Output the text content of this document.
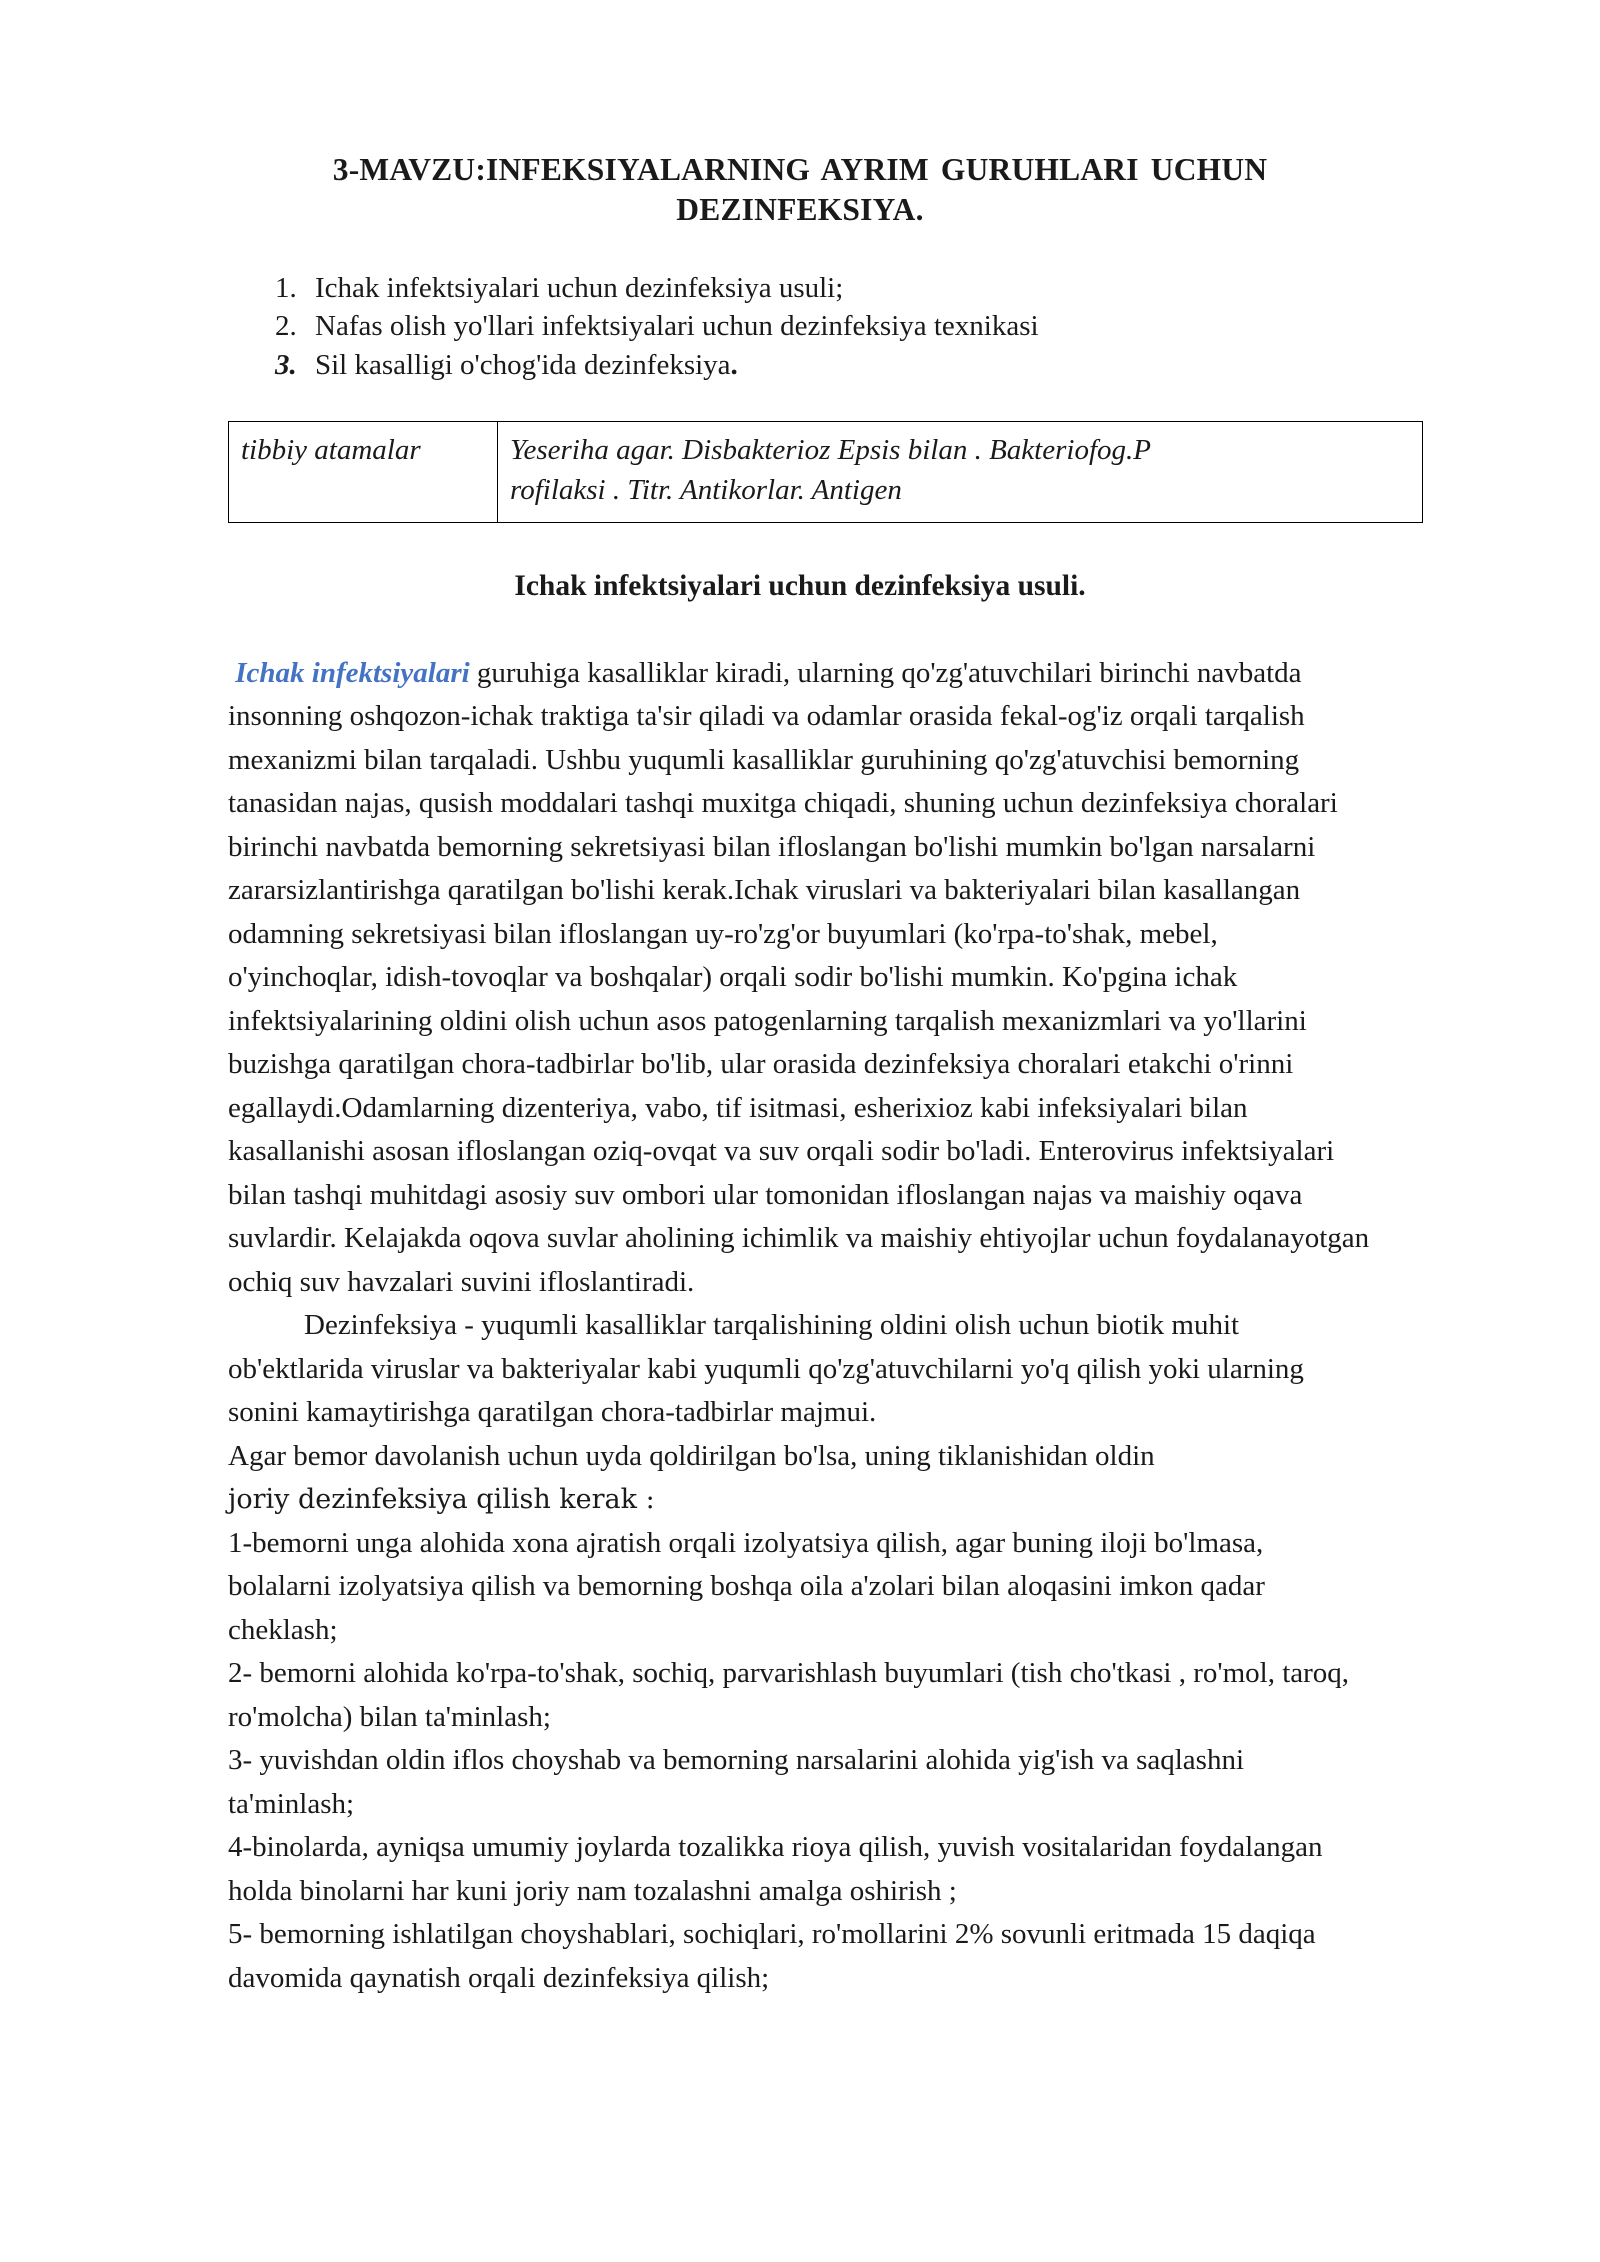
3-MAVZU:INFEKSIYALARNING AYRIM GURUHLARI UCHUN
DEZINFEKSIYA.
1. Ichak infektsiyalari uchun dezinfeksiya usuli;
2. Nafas olish yo'llari infektsiyalari uchun dezinfeksiya texnikasi
3. Sil kasalligi o'chog'ida dezinfeksiya.
tibbiy atamalar	Yeseriha agar. Disbakterioz Epsis bilan . Bakteriofog.P
rofilaksi . Titr. Antikorlar. Antigen
Ichak infektsiyalari uchun dezinfeksiya usuli.

Ichak infektsiyalari guruhiga kasalliklar kiradi, ularning qo'zg'atuvchilari birinchi navbatda insonning oshqozon-ichak traktiga ta'sir qiladi va odamlar orasida fekal-og'iz orqali tarqalish mexanizmi bilan tarqaladi. Ushbu yuqumli kasalliklar guruhining qo'zg'atuvchisi bemorning tanasidan najas, qusish moddalari tashqi muxitga chiqadi, shuning uchun dezinfeksiya choralari birinchi navbatda bemorning sekretsiyasi bilan ifloslangan bo'lishi mumkin bo'lgan narsalarni zararsizlantirishga qaratilgan bo'lishi kerak.Ichak viruslari va bakteriyalari bilan kasallangan odamning sekretsiyasi bilan ifloslangan uy-ro'zg'or buyumlari (ko'rpa-to'shak, mebel, o'yinchoqlar, idish-tovoqlar va boshqalar) orqali sodir bo'lishi mumkin. Ko'pgina ichak infektsiyalarining oldini olish uchun asos patogenlarning tarqalish mexanizmlari va yo'llarini buzishga qaratilgan chora-tadbirlar bo'lib, ular orasida dezinfeksiya choralari etakchi o'rinni egallaydi.Odamlarning dizenteriya, vabo, tif isitmasi, esherixioz kabi infeksiyalari bilan kasallanishi asosan ifloslangan oziq-ovqat va suv orqali sodir bo'ladi. Enterovirus infektsiyalari bilan tashqi muhitdagi asosiy suv ombori ular tomonidan ifloslangan najas va maishiy oqava suvlardir. Kelajakda oqova suvlar aholining ichimlik va maishiy ehtiyojlar uchun foydalanayotgan ochiq suv havzalari suvini ifloslantiradi.

Dezinfeksiya - yuqumli kasalliklar tarqalishining oldini olish uchun biotik muhit ob'ektlarida viruslar va bakteriyalar kabi yuqumli qo'zg'atuvchilarni yo'q qilish yoki ularning sonini kamaytirishga qaratilgan chora-tadbirlar majmui.

Agar bemor davolanish uchun uyda qoldirilgan bo'lsa, uning tiklanishidan oldin

joriy dezinfeksiya qilish kerak :

1-bemorni unga alohida xona ajratish orqali izolyatsiya qilish, agar buning iloji bo'lmasa, bolalarni izolyatsiya qilish va bemorning boshqa oila a'zolari bilan aloqasini imkon qadar cheklash;

2- bemorni alohida ko'rpa-to'shak, sochiq, parvarishlash buyumlari (tish cho'tkasi , ro'mol, taroq, ro'molcha) bilan ta'minlash;

3- yuvishdan oldin iflos choyshab va bemorning narsalarini alohida yig'ish va saqlashni ta'minlash;

4-binolarda, ayniqsa umumiy joylarda tozalikka rioya qilish, yuvish vositalaridan foydalangan holda binolarni har kuni joriy nam tozalashni amalga oshirish ;

5- bemorning ishlatilgan choyshablari, sochiqlari, ro'mollarini 2% sovunli eritmada 15 daqiqa davomida qaynatish orqali dezinfeksiya qilish;
